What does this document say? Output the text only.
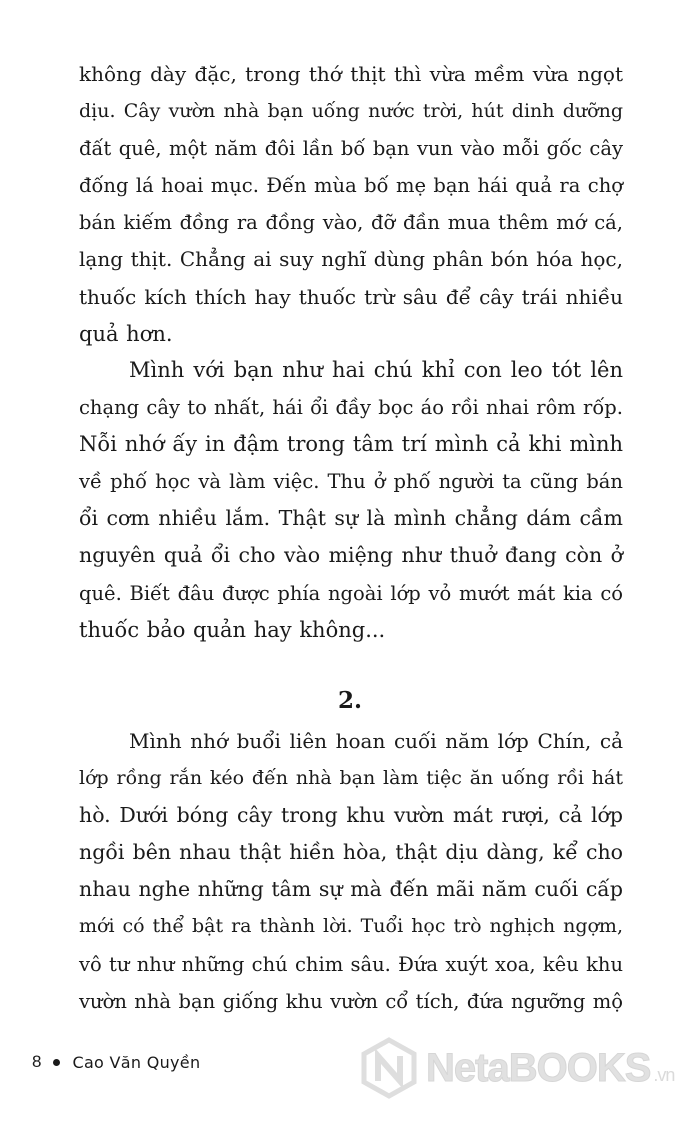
không dày đặc, trong thớ thịt thì vừa mềm vừa ngọt
dịu. Cây vườn nhà bạn uống nước trời, hút dinh dưỡng
đất quê, một năm đôi lần bố bạn vun vào mỗi gốc cây
đống lá hoai mục. Đến mùa bố mẹ bạn hái quả ra chợ
bán kiếm đồng ra đồng vào, đỡ đần mua thêm mớ cá,
lạng thịt. Chẳng ai suy nghĩ dùng phân bón hóa học,
thuốc kích thích hay thuốc trừ sâu để cây trái nhiều
quả hơn.
Mình với bạn như hai chú khỉ con leo tót lên
chạng cây to nhất, hái ổi đầy bọc áo rồi nhai rôm rốp.
Nỗi nhớ ấy in đậm trong tâm trí mình cả khi mình
về phố học và làm việc. Thu ở phố người ta cũng bán
ổi cơm nhiều lắm. Thật sự là mình chẳng dám cầm
nguyên quả ổi cho vào miệng như thuở đang còn ở
quê. Biết đâu được phía ngoài lớp vỏ mướt mát kia có
thuốc bảo quản hay không...
2.
Mình nhớ buổi liên hoan cuối năm lớp Chín, cả
lớp rồng rắn kéo đến nhà bạn làm tiệc ăn uống rồi hát
hò. Dưới bóng cây trong khu vườn mát rượi, cả lớp
ngồi bên nhau thật hiền hòa, thật dịu dàng, kể cho
nhau nghe những tâm sự mà đến mãi năm cuối cấp
mới có thể bật ra thành lời. Tuổi học trò nghịch ngợm,
vô tư như những chú chim sâu. Đứa xuýt xoa, kêu khu
vườn nhà bạn giống khu vườn cổ tích, đứa ngưỡng mộ
8 Cao Văn Quyền	NetaBOOKS .vn
